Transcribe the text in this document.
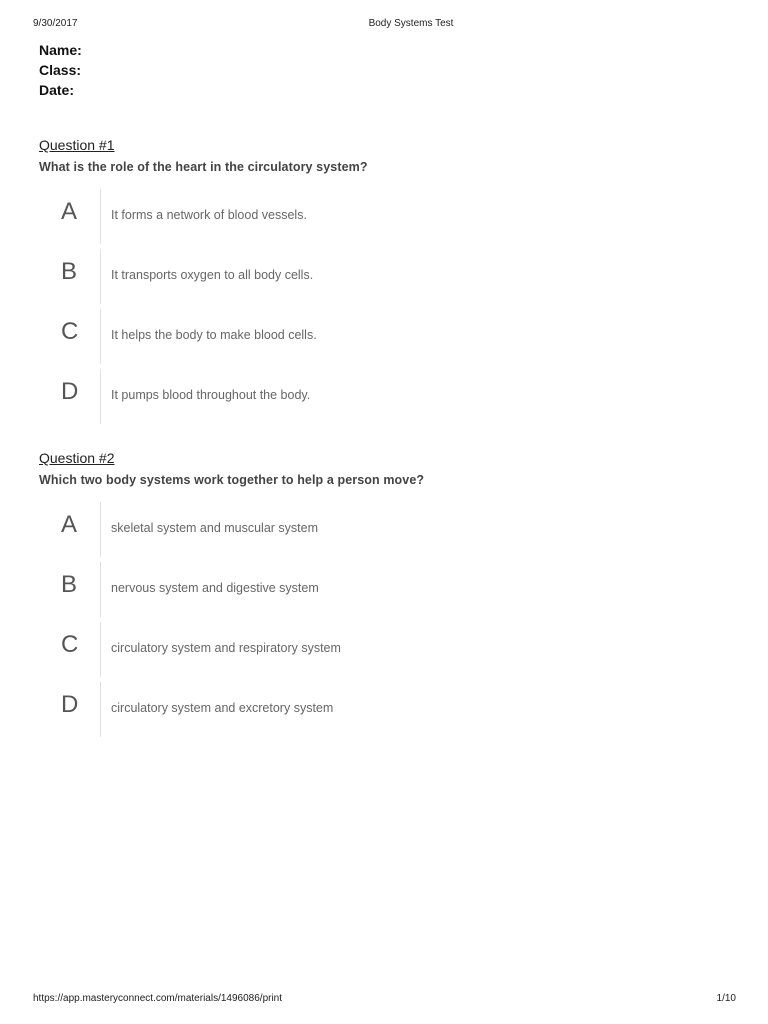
9/30/2017	Body Systems Test
Name:
Class:
Date:
Question #1
What is the role of the heart in the circulatory system?
A	It forms a network of blood vessels.
B	It transports oxygen to all body cells.
C	It helps the body to make blood cells.
D	It pumps blood throughout the body.
Question #2
Which two body systems work together to help a person move?
A	skeletal system and muscular system
B	nervous system and digestive system
C	circulatory system and respiratory system
D	circulatory system and excretory system
https://app.masteryconnect.com/materials/1496086/print	1/10
